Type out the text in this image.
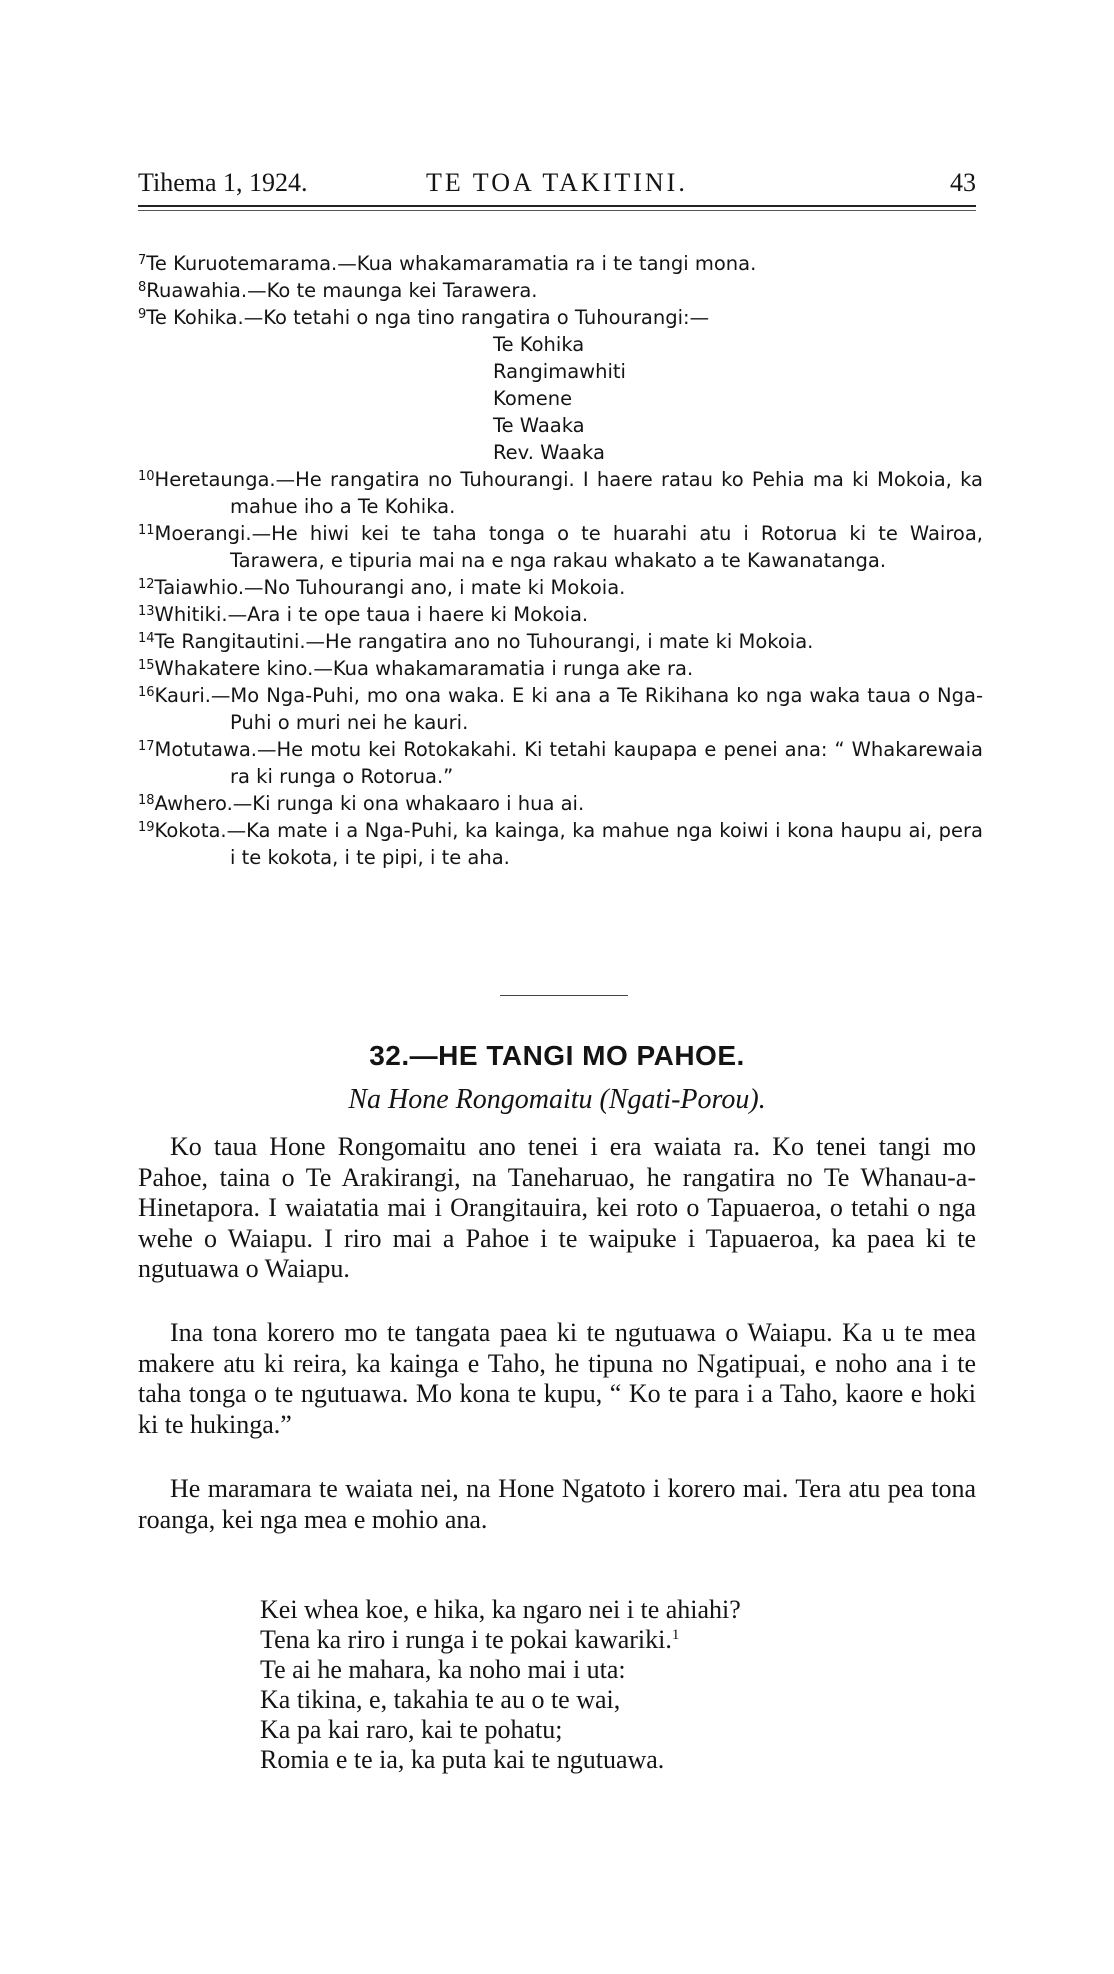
Tihema 1, 1924.	TE TOA TAKITINI.	43
$^7$Te Kuruotemarama.—Kua whakamaramatia ra i te tangi mona.
$^8$Ruawahia.—Ko te maunga kei Tarawera.
$^9$Te Kohika.—Ko tetahi o nga tino rangatira o Tuhourangi:—
Te Kohika
Rangimawhiti
Komene
Te Waaka
Rev. Waaka
$^{10}$Heretaunga.—He rangatira no Tuhourangi. I haere ratau ko Pehia ma ki Mokoia, ka mahue iho a Te Kohika.
$^{11}$Moerangi.—He hiwi kei te taha tonga o te huarahi atu i Rotorua ki te Wairoa, Tarawera, e tipuria mai na e nga rakau whakato a te Kawanatanga.
$^{12}$Taiawhio.—No Tuhourangi ano, i mate ki Mokoia.
$^{13}$Whitiki.—Ara i te ope taua i haere ki Mokoia.
$^{14}$Te Rangitautini.—He rangatira ano no Tuhourangi, i mate ki Mokoia.
$^{15}$Whakatere kino.—Kua whakamaramatia i runga ake ra.
$^{16}$Kauri.—Mo Nga-Puhi, mo ona waka. E ki ana a Te Rikihana ko nga waka taua o Nga-Puhi o muri nei he kauri.
$^{17}$Motutawa.—He motu kei Rotokakahi. Ki tetahi kaupapa e penei ana: “ Whakarewaia ra ki runga o Rotorua.”
$^{18}$Awhero.—Ki runga ki ona whakaaro i hua ai.
$^{19}$Kokota.—Ka mate i a Nga-Puhi, ka kainga, ka mahue nga koiwi i kona haupu ai, pera i te kokota, i te pipi, i te aha.
32.—HE TANGI MO PAHOE.
Na Hone Rongomaitu (Ngati-Porou).

Ko taua Hone Rongomaitu ano tenei i era waiata ra. Ko tenei tangi mo Pahoe, taina o Te Arakirangi, na Taneharuao, he rangatira no Te Whanau-a-Hinetapora. I waiatatia mai i Orangitauira, kei roto o Tapuaeroa, o tetahi o nga wehe o Waiapu. I riro mai a Pahoe i te waipuke i Tapuaeroa, ka paea ki te ngutuawa o Waiapu.

Ina tona korero mo te tangata paea ki te ngutuawa o Waiapu. Ka u te mea makere atu ki reira, ka kainga e Taho, he tipuna no Ngatipuai, e noho ana i te taha tonga o te ngutuawa. Mo kona te kupu, “ Ko te para i a Taho, kaore e hoki ki te hukinga.”

He maramara te waiata nei, na Hone Ngatoto i korero mai. Tera atu pea tona roanga, kei nga mea e mohio ana.

Kei whea koe, e hika, ka ngaro nei i te ahiahi?
Tena ka riro i runga i te pokai kawariki.$^1$
Te ai he mahara, ka noho mai i uta:
Ka tikina, e, takahia te au o te wai,
Ka pa kai raro, kai te pohatu;
Romia e te ia, ka puta kai te ngutuawa.
